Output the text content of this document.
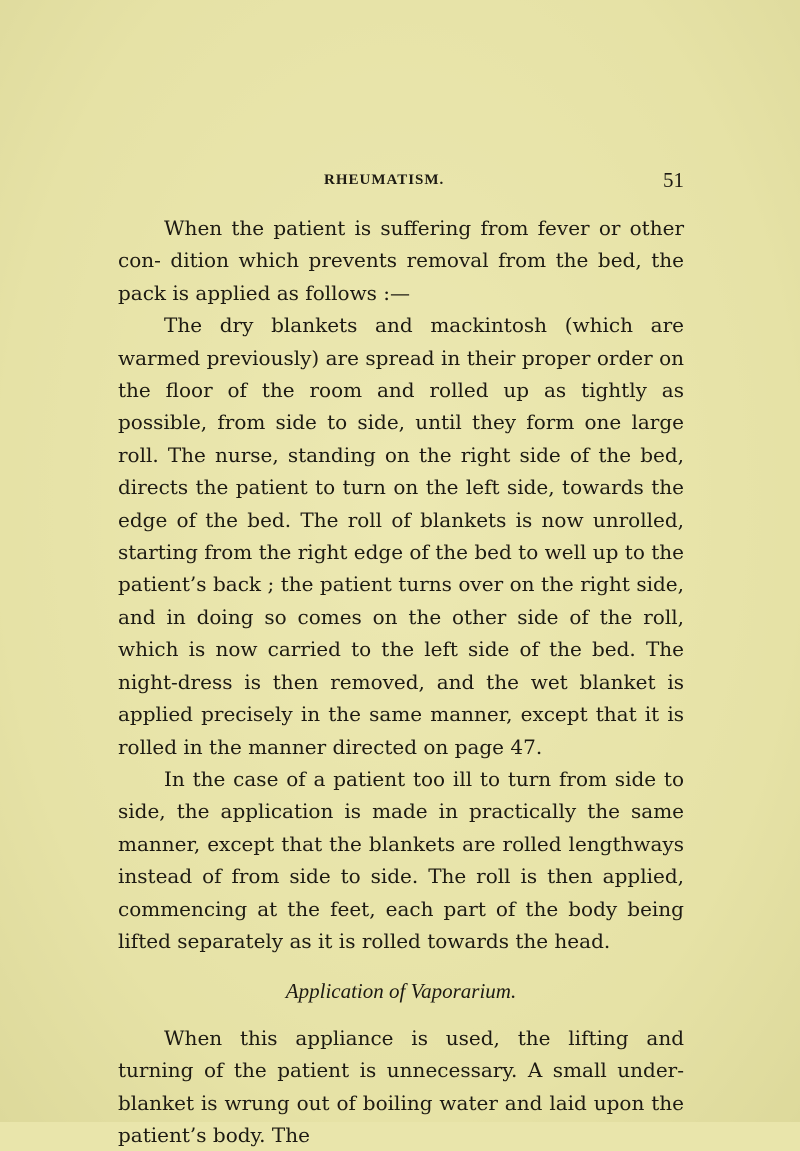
RHEUMATISM.	51

When the patient is suffering from fever or other con- dition which prevents removal from the bed, the pack is applied as follows :—

The dry blankets and mackintosh (which are warmed previously) are spread in their proper order on the floor of the room and rolled up as tightly as possible, from side to side, until they form one large roll. The nurse, standing on the right side of the bed, directs the patient to turn on the left side, towards the edge of the bed. The roll of blankets is now unrolled, starting from the right edge of the bed to well up to the patient’s back ; the patient turns over on the right side, and in doing so comes on the other side of the roll, which is now carried to the left side of the bed. The night-dress is then removed, and the wet blanket is applied precisely in the same manner, except that it is rolled in the manner directed on page 47.

In the case of a patient too ill to turn from side to side, the application is made in practically the same manner, except that the blankets are rolled lengthways instead of from side to side. The roll is then applied, commencing at the feet, each part of the body being lifted separately as it is rolled towards the head.

Application of Vaporarium.

When this appliance is used, the lifting and turning of the patient is unnecessary. A small under-blanket is wrung out of boiling water and laid upon the patient’s body. The
